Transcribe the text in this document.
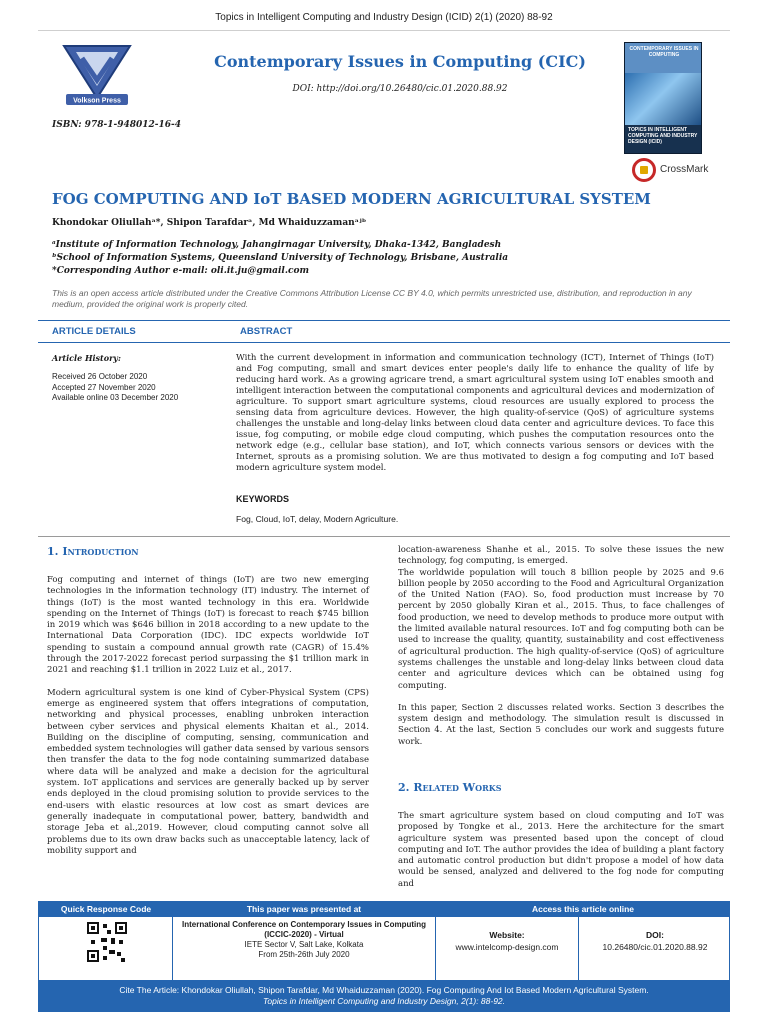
Topics in Intelligent Computing and Industry Design (ICID) 2(1) (2020) 88-92
Volkson Press
ISBN: 978-1-948012-16-4
Contemporary Issues in Computing (CIC)
DOI: http://doi.org/10.26480/cic.01.2020.88.92
CONTEMPORARY ISSUES IN COMPUTING
TOPICS IN INTELLIGENT COMPUTING AND INDUSTRY DESIGN (ICID)
CrossMark
FOG COMPUTING AND IoT BASED MODERN AGRICULTURAL SYSTEM
Khondokar Oliullahᵃ*, Shipon Tarafdarᵃ, Md Whaiduzzamanᵃʲᵇ
ᵃInstitute of Information Technology, Jahangirnagar University, Dhaka-1342, Bangladesh
ᵇSchool of Information Systems, Queensland University of Technology, Brisbane, Australia
*Corresponding Author e-mail: oli.it.ju@gmail.com
This is an open access article distributed under the Creative Commons Attribution License CC BY 4.0, which permits unrestricted use, distribution, and reproduction in any medium, provided the original work is properly cited.
ARTICLE DETAILS	ABSTRACT
Article History:
Received 26 October 2020
Accepted 27 November 2020
Available online 03 December 2020
With the current development in information and communication technology (ICT), Internet of Things (IoT) and Fog computing, small and smart devices enter people's daily life to enhance the quality of life by reducing hard work. As a growing agricare trend, a smart agricultural system using IoT enables smooth and intelligent interaction between the computational components and agricultural devices and modernization of agriculture. To support smart agriculture systems, cloud resources are usually explored to process the sensing data from agriculture devices. However, the high quality-of-service (QoS) of agriculture systems challenges the unstable and long-delay links between cloud data center and agriculture devices. To face this issue, fog computing, or mobile edge cloud computing, which pushes the computation resources onto the network edge (e.g., cellular base station), and IoT, which connects various sensors or devices with the Internet, sprouts as a promising solution. We are thus motivated to design a fog computing and IoT based modern agriculture system model.
KEYWORDS
Fog, Cloud, IoT, delay, Modern Agriculture.
1. Introduction

Fog computing and internet of things (IoT) are two new emerging technologies in the information technology (IT) industry. The internet of things (IoT) is the most wanted technology in this era. Worldwide spending on the Internet of Things (IoT) is forecast to reach $745 billion in 2019 which was $646 billion in 2018 according to a new update to the International Data Corporation (IDC). IDC expects worldwide IoT spending to sustain a compound annual growth rate (CAGR) of 15.4% through the 2017-2022 forecast period surpassing the $1 trillion mark in 2021 and reaching $1.1 trillion in 2022 Luiz et al., 2017.

Modern agricultural system is one kind of Cyber-Physical System (CPS) emerge as engineered system that offers integrations of computation, networking and physical processes, enabling unbroken interaction between cyber services and physical elements Khaitan et al., 2014. Building on the discipline of computing, sensing, communication and embedded system technologies will gather data sensed by various sensors then transfer the data to the fog node containing summarized database where data will be analyzed and make a decision for the agricultural system. IoT applications and services are generally backed up by server ends deployed in the cloud promising solution to provide services to the end-users with elastic resources at low cost as smart devices are generally inadequate in computational power, battery, bandwidth and storage Jeba et al.,2019. However, cloud computing cannot solve all problems due to its own draw backs such as unacceptable latency, lack of mobility support and

location-awareness Shanhe et al., 2015. To solve these issues the new technology, fog computing, is emerged.

The worldwide population will touch 8 billion people by 2025 and 9.6 billion people by 2050 according to the Food and Agricultural Organization of the United Nation (FAO). So, food production must increase by 70 percent by 2050 globally Kiran et al., 2015. Thus, to face challenges of food production, we need to develop methods to produce more output with the limited available natural resources. IoT and fog computing both can be used to increase the quality, quantity, sustainability and cost effectiveness of agricultural production. The high quality-of-service (QoS) of agriculture systems challenges the unstable and long-delay links between cloud data center and agriculture devices which can be obtained using fog computing.

In this paper, Section 2 discusses related works. Section 3 describes the system design and methodology. The simulation result is discussed in Section 4. At the last, Section 5 concludes our work and suggests future work.

2. Related Works
The smart agriculture system based on cloud computing and IoT was proposed by Tongke et al., 2013. Here the architecture for the smart agriculture system was presented based upon the concept of cloud computing and IoT. The author provides the idea of building a plant factory and automatic control production but didn't propose a model of how data would be sensed, analyzed and delivered to the fog node for computing and
Quick Response Code	This paper was presented at	Access this article online
International Conference on Contemporary Issues in Computing (ICCIC-2020) - Virtual
IETE Sector V, Salt Lake, Kolkata
From 25th-26th July 2020
Website:
www.intelcomp-design.com
DOI:
10.26480/cic.01.2020.88.92
Cite The Article: Khondokar Oliullah, Shipon Tarafdar, Md Whaiduzzaman (2020). Fog Computing And Iot Based Modern Agricultural System.
Topics in Intelligent Computing and Industry Design, 2(1): 88-92.
